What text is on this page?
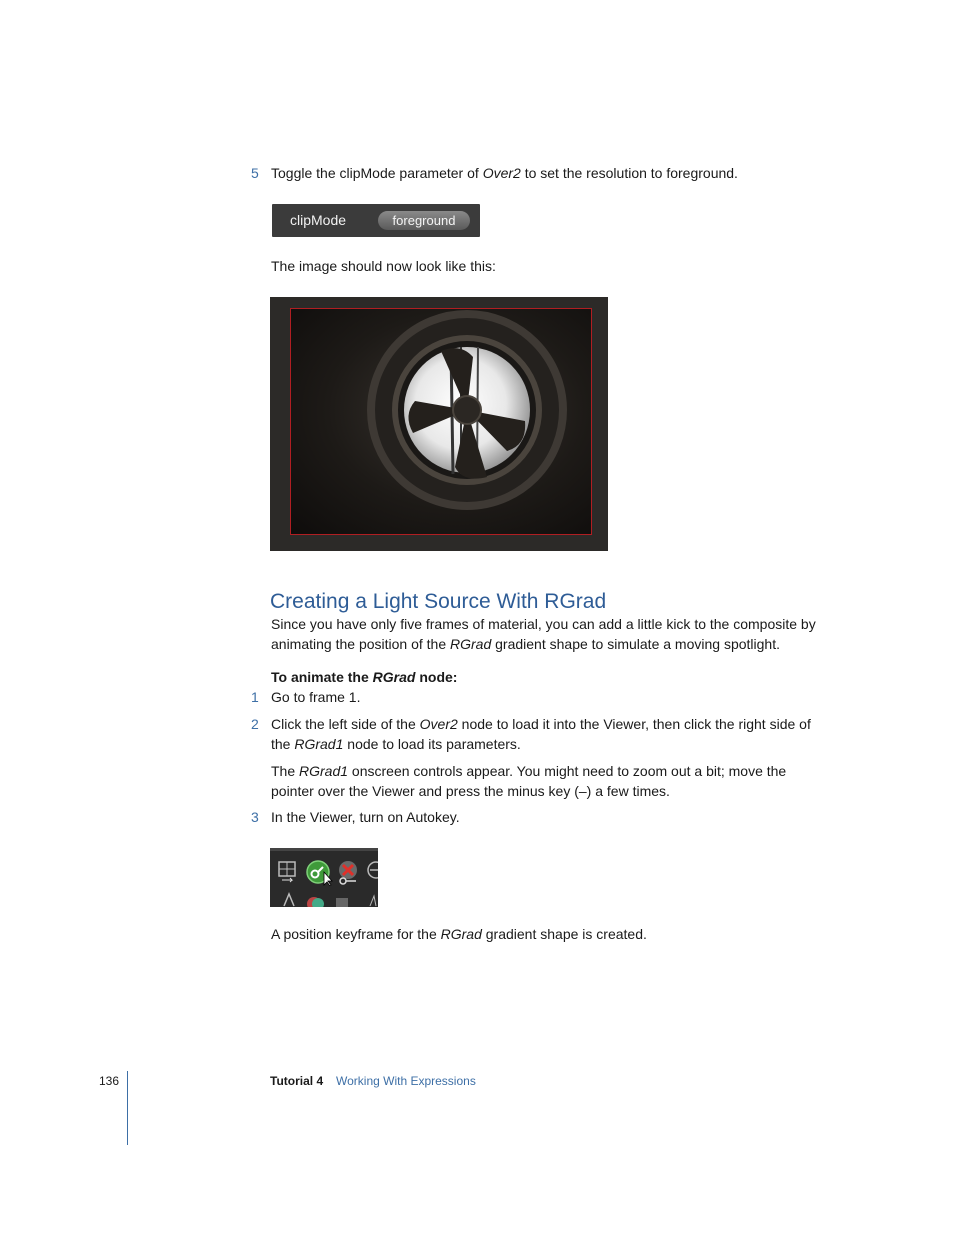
5 Toggle the clipMode parameter of Over2 to set the resolution to foreground.
clipMode	foreground
The image should now look like this:
Creating a Light Source With RGrad
Since you have only five frames of material, you can add a little kick to the composite by animating the position of the RGrad gradient shape to simulate a moving spotlight.
To animate the RGrad node:
1 Go to frame 1.
2 Click the left side of the Over2 node to load it into the Viewer, then click the right side of the RGrad1 node to load its parameters.
The RGrad1 onscreen controls appear. You might need to zoom out a bit; move the pointer over the Viewer and press the minus key (–) a few times.
3 In the Viewer, turn on Autokey.
A position keyframe for the RGrad gradient shape is created.
136	Tutorial 4 Working With Expressions
